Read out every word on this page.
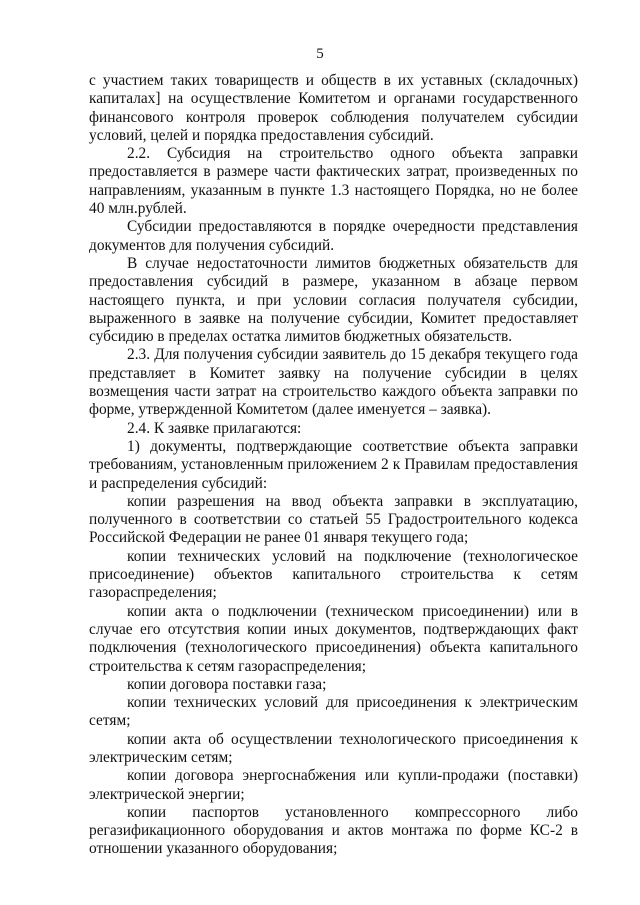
5

с участием таких товариществ и обществ в их уставных (складочных) капиталах] на осуществление Комитетом и органами государственного финансового контроля проверок соблюдения получателем субсидии условий, целей и порядка предоставления субсидий.

2.2. Субсидия на строительство одного объекта заправки предоставляется в размере части фактических затрат, произведенных по направлениям, указанным в пункте 1.3 настоящего Порядка, но не более 40 млн.рублей.

Субсидии предоставляются в порядке очередности представления документов для получения субсидий.

В случае недостаточности лимитов бюджетных обязательств для предоставления субсидий в размере, указанном в абзаце первом настоящего пункта, и при условии согласия получателя субсидии, выраженного в заявке на получение субсидии, Комитет предоставляет субсидию в пределах остатка лимитов бюджетных обязательств.

2.3. Для получения субсидии заявитель до 15 декабря текущего года представляет в Комитет заявку на получение субсидии в целях возмещения части затрат на строительство каждого объекта заправки по форме, утвержденной Комитетом (далее именуется – заявка).

2.4. К заявке прилагаются:

1) документы, подтверждающие соответствие объекта заправки требованиям, установленным приложением 2 к Правилам предоставления и распределения субсидий:

копии разрешения на ввод объекта заправки в эксплуатацию, полученного в соответствии со статьей 55 Градостроительного кодекса Российской Федерации не ранее 01 января текущего года;

копии технических условий на подключение (технологическое присоединение) объектов капитального строительства к сетям газораспределения;

копии акта о подключении (техническом присоединении) или в случае его отсутствия копии иных документов, подтверждающих факт подключения (технологического присоединения) объекта капитального строительства к сетям газораспределения;

копии договора поставки газа;

копии технических условий для присоединения к электрическим сетям;

копии акта об осуществлении технологического присоединения к электрическим сетям;

копии договора энергоснабжения или купли-продажи (поставки) электрической энергии;

копии паспортов установленного компрессорного либо регазификационного оборудования и актов монтажа по форме КС-2 в отношении указанного оборудования;
